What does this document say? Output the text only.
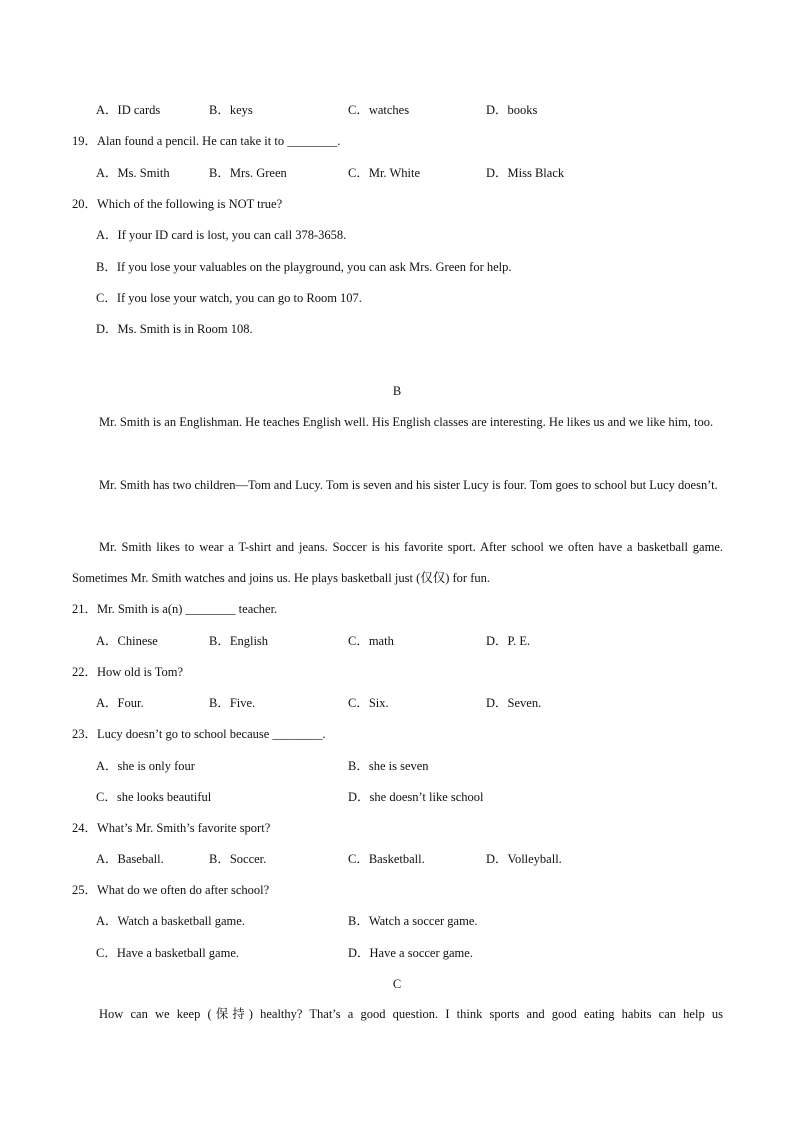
A．ID cards	B．keys	C．watches	D．books
19．Alan found a pencil. He can take it to ________.
A．Ms. Smith	B．Mrs. Green	C．Mr. White	D．Miss Black
20．Which of the following is NOT true?
A．If your ID card is lost, you can call 378-3658.
B．If you lose your valuables on the playground, you can ask Mrs. Green for help.
C．If you lose your watch, you can go to Room 107.
D．Ms. Smith is in Room 108.
B
Mr. Smith is an Englishman. He teaches English well. His English classes are interesting. He likes us and we like him, too.
Mr. Smith has two children—Tom and Lucy. Tom is seven and his sister Lucy is four. Tom goes to school but Lucy doesn’t.
Mr. Smith likes to wear a T-shirt and jeans. Soccer is his favorite sport. After school we often have a basketball game. Sometimes Mr. Smith watches and joins us. He plays basketball just (仅仅) for fun.
21．Mr. Smith is a(n) ________ teacher.
A．Chinese	B．English	C．math	D．P. E.
22．How old is Tom?
A．Four.	B．Five.	C．Six.	D．Seven.
23．Lucy doesn’t go to school because ________.
A．she is only four	B．she is seven
C．she looks beautiful	D．she doesn’t like school
24．What’s Mr. Smith’s favorite sport?
A．Baseball.	B．Soccer.	C．Basketball.	D．Volleyball.
25．What do we often do after school?
A．Watch a basketball game.	B．Watch a soccer game.
C．Have a basketball game.	D．Have a soccer game.
C
How can we keep (保持) healthy? That’s a good question. I think sports and good eating habits can help us
